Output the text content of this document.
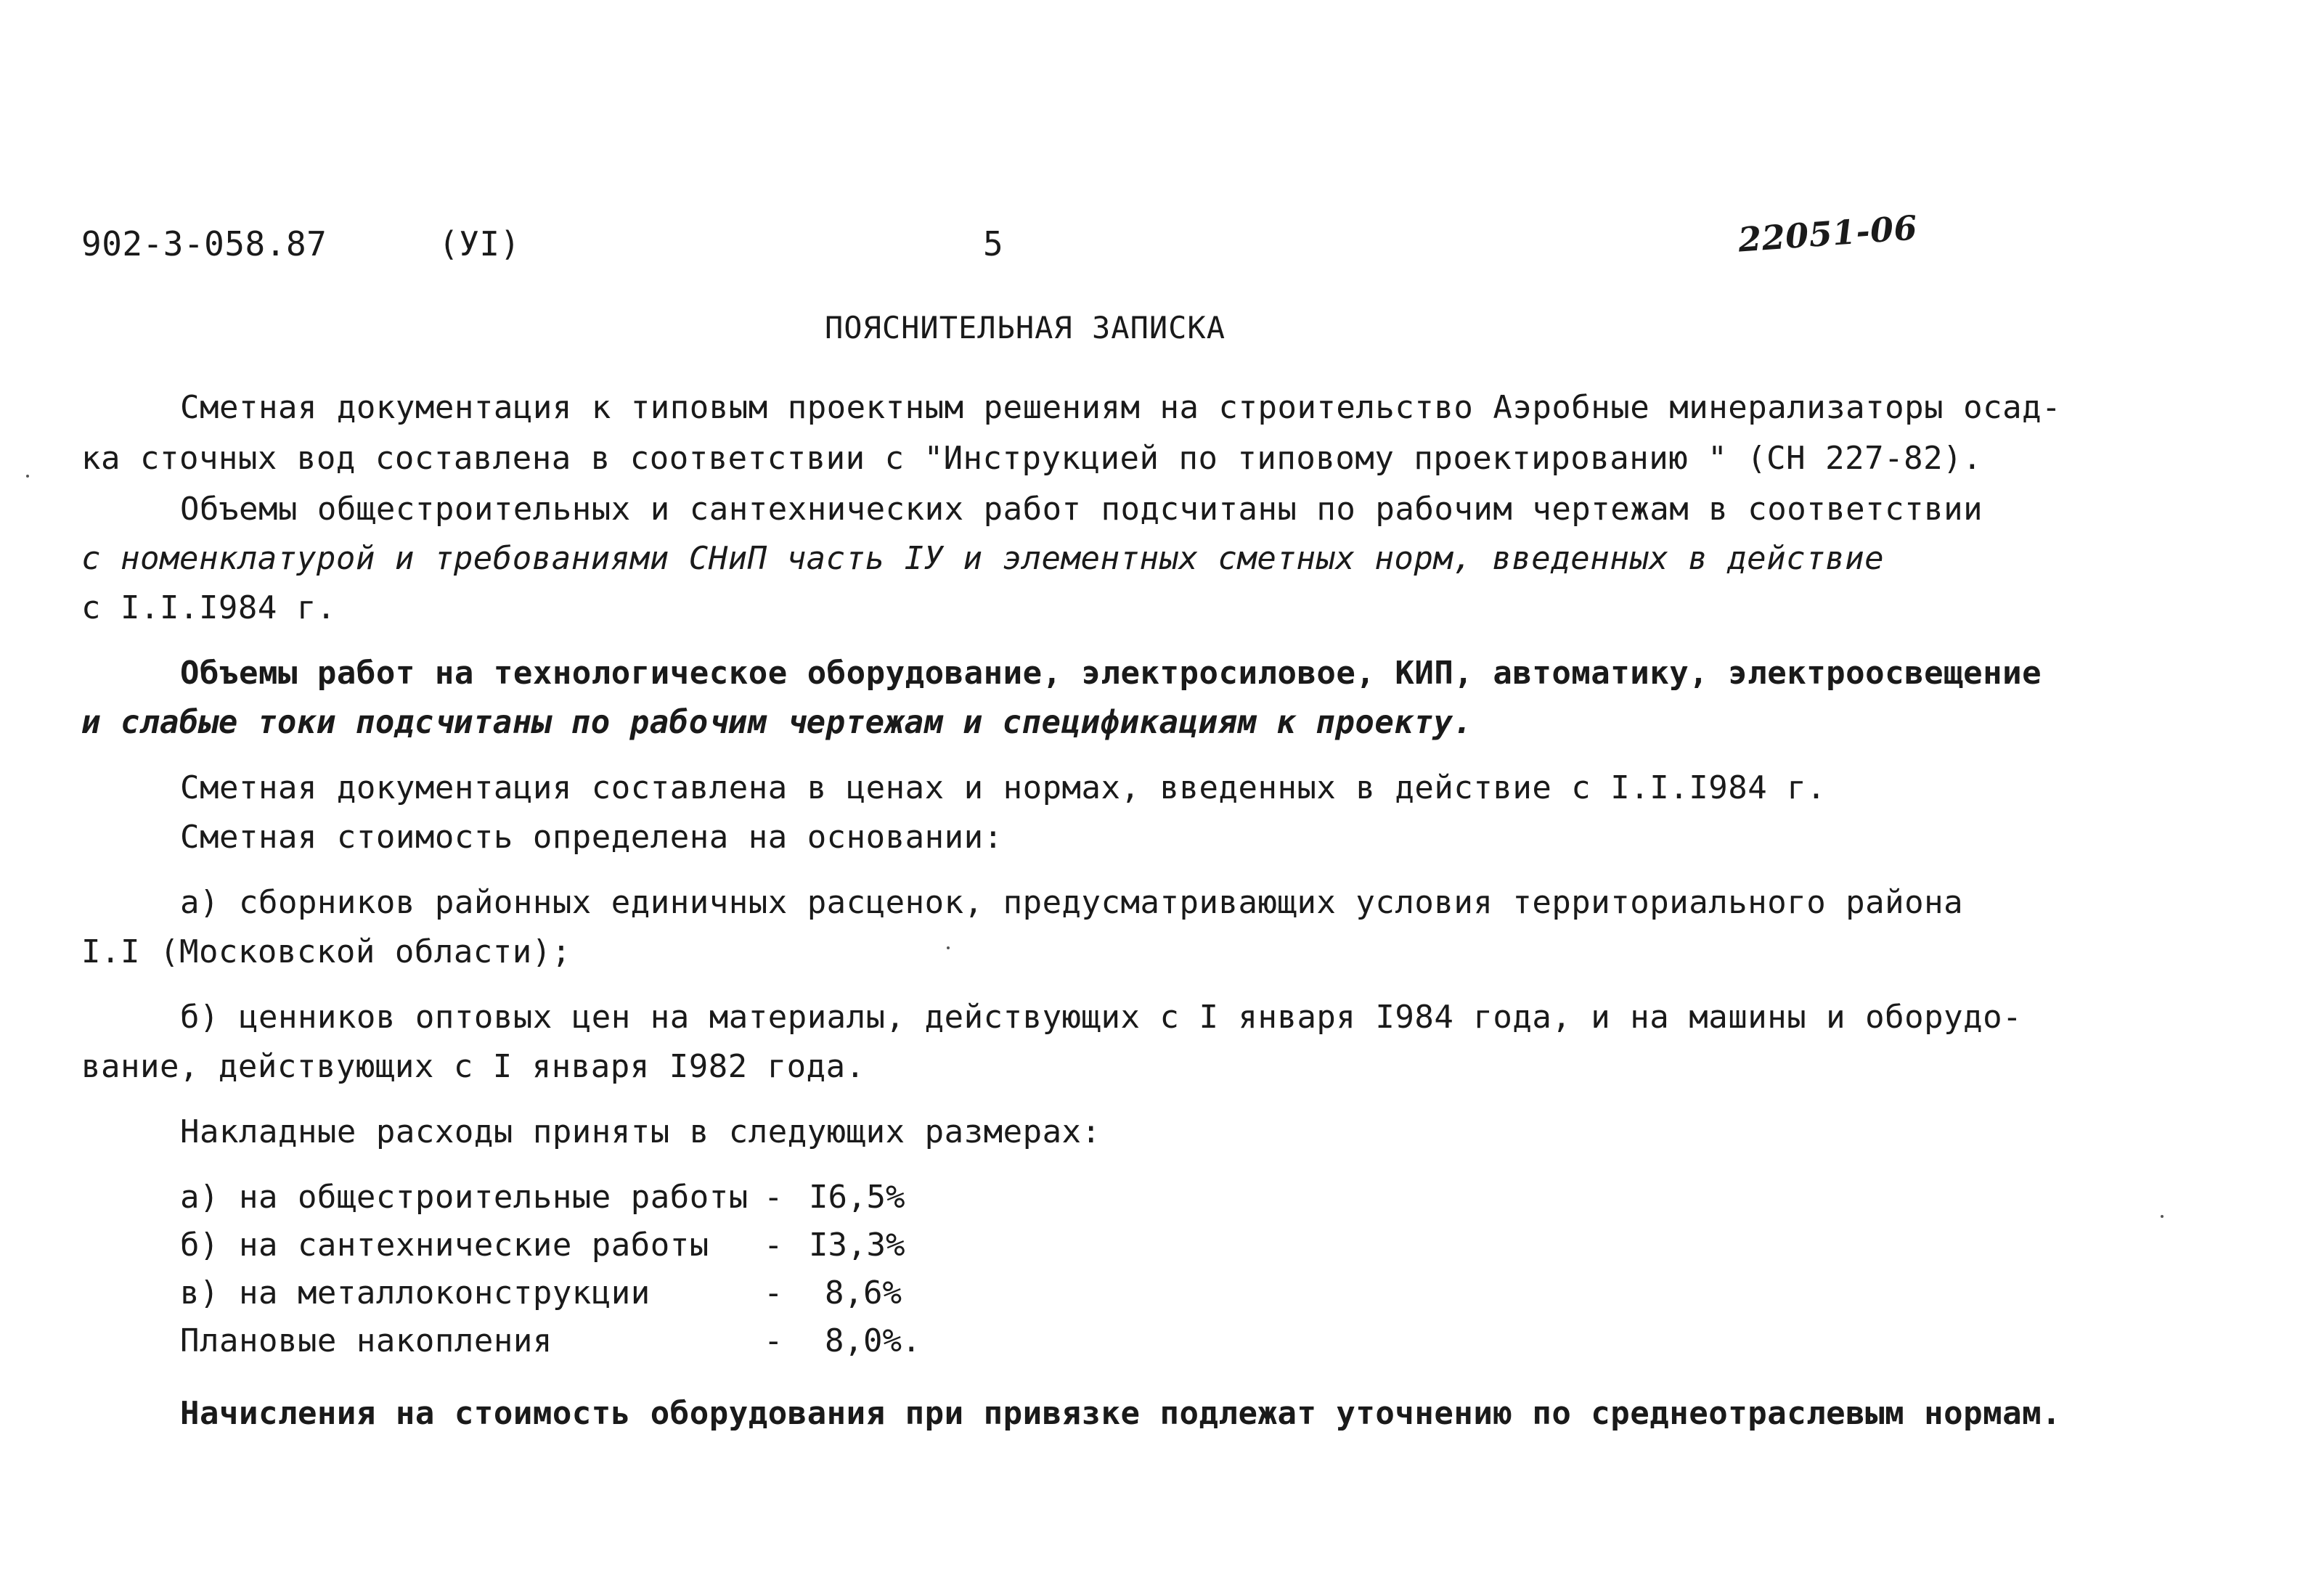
902-3-058.87	(УI)	5	22051-06
ПОЯСНИТЕЛЬНАЯ ЗАПИСКА
Сметная документация к типовым проектным решениям на строительство Аэробные минерализаторы осад-
ка сточных вод составлена в соответствии с "Инструкцией по типовому проектированию " (СН 227-82).
Объемы общестроительных и сантехнических работ подсчитаны по рабочим чертежам в соответствии
с номенклатурой и требованиями СНиП часть IУ и элементных сметных норм, введенных в действие
с I.I.I984 г.
Объемы работ на технологическое оборудование, электросиловое, КИП, автоматику, электроосвещение
и слабые токи подсчитаны по рабочим чертежам и спецификациям к проекту.
Сметная документация составлена в ценах и нормах, введенных в действие с I.I.I984 г.
Сметная стоимость определена на основании:
а) сборников районных единичных расценок, предусматривающих условия территориального района
I.I (Московской области);
б) ценников оптовых цен на материалы, действующих с I января I984 года, и на машины и оборудо-
вание, действующих с I января I982 года.
Накладные расходы приняты в следующих размерах:
а) на общестроительные работы - I6,5%
б) на сантехнические работы - I3,3%
в) на металлоконструкции	- 8,6%
Плановые накопления	- 8,0%.
Начисления на стоимость оборудования при привязке подлежат уточнению по среднеотраслевым нормам.
